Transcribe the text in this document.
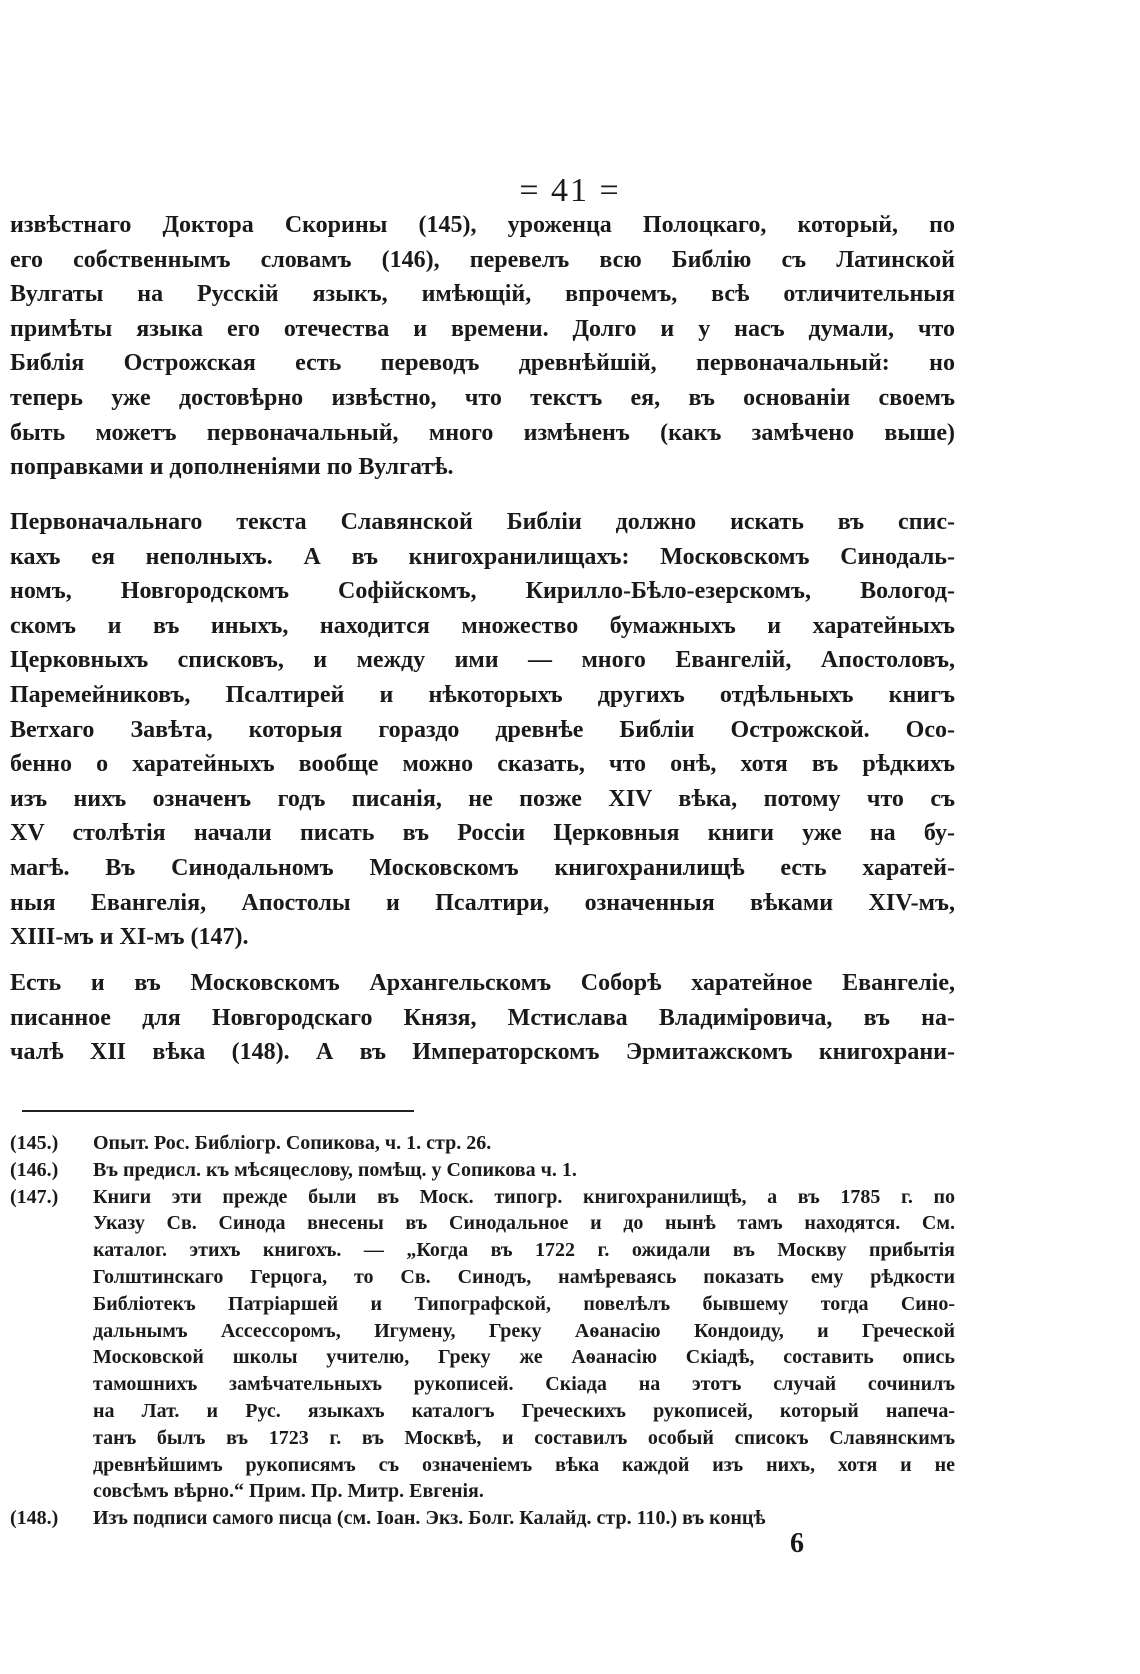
= 41 =
извѣстнаго Доктора Скорины (145), уроженца Полоцкаго, который, по
его собственнымъ словамъ (146), перевелъ всю Библію съ Латинской
Вулгаты на Русскій языкъ, имѣющій, впрочемъ, всѣ отличительныя
примѣты языка его отечества и времени. Долго и у насъ думали, что
Библія Острожская есть переводъ древнѣйшій, первоначальный: но
теперь уже достовѣрно извѣстно, что текстъ ея, въ основаніи своемъ
быть можетъ первоначальный, много измѣненъ (какъ замѣчено выше)
поправками и дополненіями по Вулгатѣ.
Первоначальнаго текста Славянской Библіи должно искать въ спис-
кахъ ея неполныхъ. А въ книгохранилищахъ: Московскомъ Синодаль-
номъ, Новгородскомъ Софійскомъ, Кирилло-Бѣло-езерскомъ, Вологод-
скомъ и въ иныхъ, находится множество бумажныхъ и харатейныхъ
Церковныхъ списковъ, и между ими — много Евангелій, Апостоловъ,
Паремейниковъ, Псалтирей и нѣкоторыхъ другихъ отдѣльныхъ книгъ
Ветхаго Завѣта, которыя гораздо древнѣе Библіи Острожской. Осо-
бенно о харатейныхъ вообще можно сказать, что онѣ, хотя въ рѣдкихъ
изъ нихъ означенъ годъ писанія, не позже XIV вѣка, потому что съ
XV столѣтія начали писать въ Россіи Церковныя книги уже на бу-
магѣ. Въ Синодальномъ Московскомъ книгохранилищѣ есть харатей-
ныя Евангелія, Апостолы и Псалтири, означенныя вѣками XIV-мъ,
XIII-мъ и XI-мъ (147).
Есть и въ Московскомъ Архангельскомъ Соборѣ харатейное Евангеліе,
писанное для Новгородскаго Князя, Мстислава Владиміровича, въ на-
чалѣ XII вѣка (148). А въ Императорскомъ Эрмитажскомъ книгохрани-
(145.)	Опыт. Рос. Библіогр. Сопикова, ч. 1. стр. 26.
(146.)	Въ предисл. къ мѣсяцеслову, помѣщ. у Сопикова ч. 1.
(147.)	Книги эти прежде были въ Моск. типогр. книгохранилищѣ, а въ 1785 г. по
Указу Св. Синода внесены въ Синодальное и до нынѣ тамъ находятся. См.
каталог. этихъ книгохъ. — „Когда въ 1722 г. ожидали въ Москву прибытія
Голштинскаго Герцога, то Св. Синодъ, намѣреваясь показать ему рѣдкости
Библіотекъ Патріаршей и Типографской, повелѣлъ бывшему тогда Сино-
дальнымъ Ассессоромъ, Игумену, Греку Аѳанасію Кондоиду, и Греческой
Московской школы учителю, Греку же Аѳанасію Скіадѣ, составить опись
тамошнихъ замѣчательныхъ рукописей. Скіада на этотъ случай сочинилъ
на Лат. и Рус. языкахъ каталогъ Греческихъ рукописей, который напеча-
танъ былъ въ 1723 г. въ Москвѣ, и составилъ особый списокъ Славянскимъ
древнѣйшимъ рукописямъ съ означеніемъ вѣка каждой изъ нихъ, хотя и не
совсѣмъ вѣрно.“ Прим. Пр. Митр. Евгенія.
(148.)	Изъ подписи самого писца (см. Іоан. Экз. Болг. Калайд. стр. 110.) въ концѣ
6
